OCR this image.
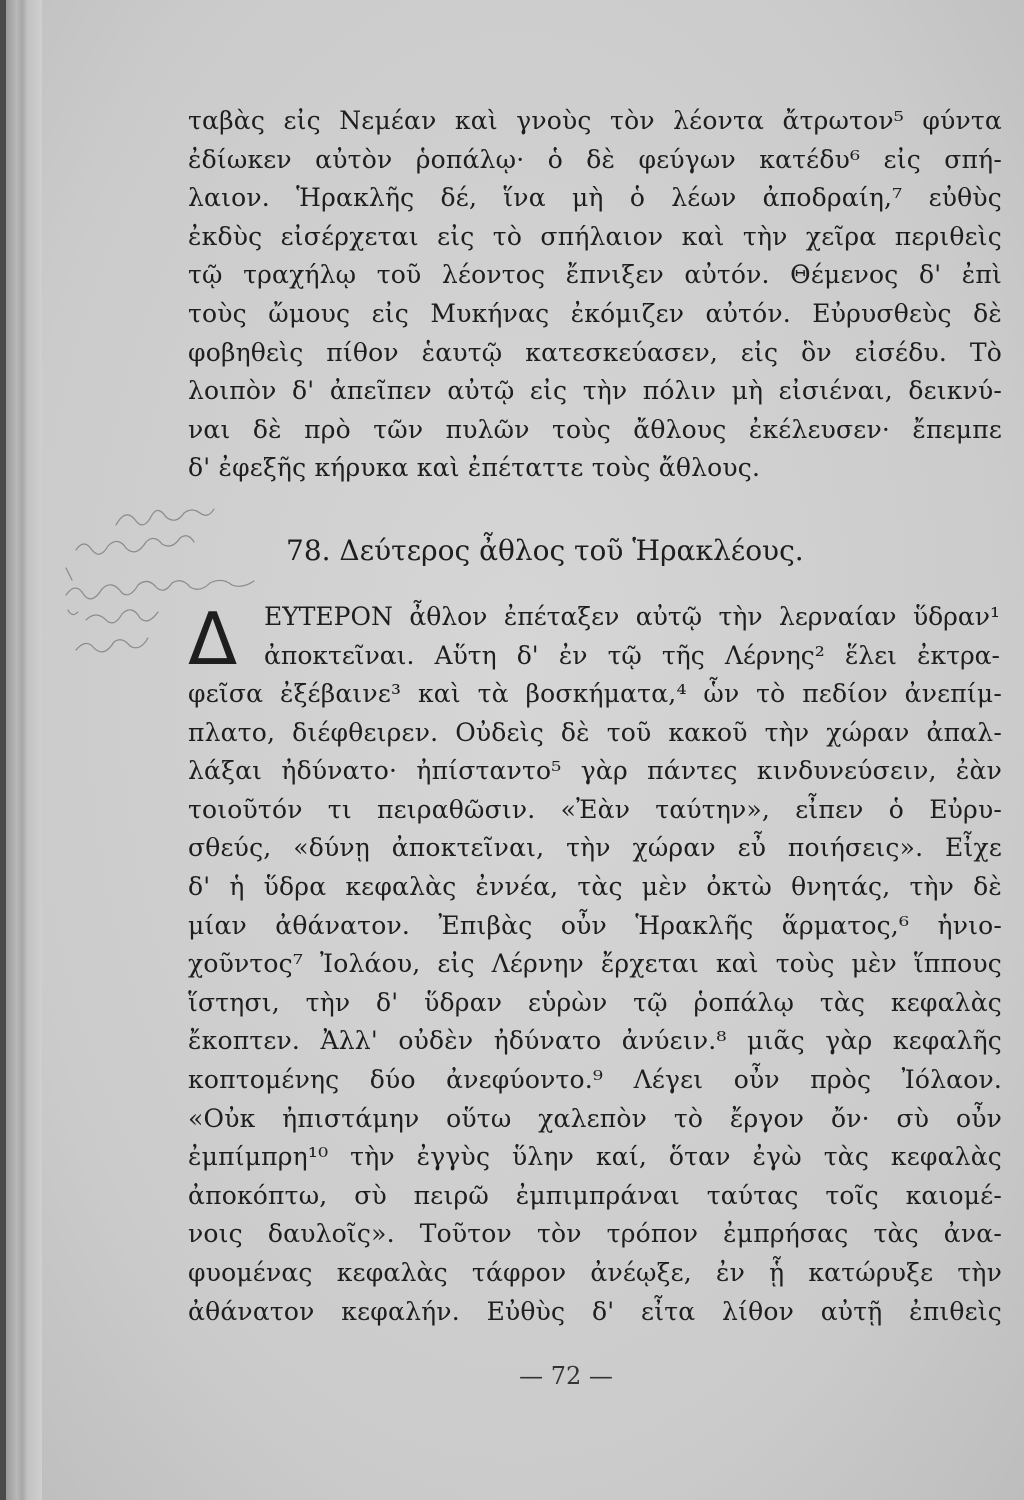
ταβὰς εἰς Νεμέαν καὶ γνοὺς τὸν λέοντα ἄτρωτον⁵ φύντα
ἐδίωκεν αὐτὸν ῥοπάλῳ· ὁ δὲ φεύγων κατέδυ⁶ εἰς σπή-
λαιον. Ἡρακλῆς δέ, ἵνα μὴ ὁ λέων ἀποδραίη,⁷ εὐθὺς
ἐκδὺς εἰσέρχεται εἰς τὸ σπήλαιον καὶ τὴν χεῖρα περιθεὶς
τῷ τραχήλῳ τοῦ λέοντος ἔπνιξεν αὐτόν. Θέμενος δ' ἐπὶ
τοὺς ὤμους εἰς Μυκήνας ἐκόμιζεν αὐτόν. Εὐρυσθεὺς δὲ
φοβηθεὶς πίθον ἑαυτῷ κατεσκεύασεν, εἰς ὃν εἰσέδυ. Τὸ
λοιπὸν δ' ἀπεῖπεν αὐτῷ εἰς τὴν πόλιν μὴ εἰσιέναι, δεικνύ-
ναι δὲ πρὸ τῶν πυλῶν τοὺς ἄθλους ἐκέλευσεν· ἔπεμπε
δ' ἐφεξῆς κήρυκα καὶ ἐπέταττε τοὺς ἄθλους.
78. Δεύτερος ἆθλος τοῦ Ἡρακλέους.
Δ ΕΥΤΕΡΟΝ ἆθλον ἐπέταξεν αὐτῷ τὴν λερναίαν ὕδραν¹
ἀποκτεῖναι. Αὕτη δ' ἐν τῷ τῆς Λέρνης² ἕλει ἐκτρα-
φεῖσα ἐξέβαινε³ καὶ τὰ βοσκήματα,⁴ ὧν τὸ πεδίον ἀνεπίμ-
πλατο, διέφθειρεν. Οὐδεὶς δὲ τοῦ κακοῦ τὴν χώραν ἀπαλ-
λάξαι ἠδύνατο· ἠπίσταντο⁵ γὰρ πάντες κινδυνεύσειν, ἐὰν
τοιοῦτόν τι πειραθῶσιν. «Ἐὰν ταύτην», εἶπεν ὁ Εὐρυ-
σθεύς, «δύνῃ ἀποκτεῖναι, τὴν χώραν εὖ ποιήσεις». Εἶχε
δ' ἡ ὕδρα κεφαλὰς ἐννέα, τὰς μὲν ὀκτὼ θνητάς, τὴν δὲ
μίαν ἀθάνατον. Ἐπιβὰς οὖν Ἡρακλῆς ἅρματος,⁶ ἡνιο-
χοῦντος⁷ Ἰολάου, εἰς Λέρνην ἔρχεται καὶ τοὺς μὲν ἵππους
ἵστησι, τὴν δ' ὕδραν εὑρὼν τῷ ῥοπάλῳ τὰς κεφαλὰς
ἔκοπτεν. Ἀλλ' οὐδὲν ἠδύνατο ἀνύειν.⁸ μιᾶς γὰρ κεφαλῆς
κοπτομένης δύο ἀνεφύοντο.⁹ Λέγει οὖν πρὸς Ἰόλαον.
«Οὐκ ἠπιστάμην οὕτω χαλεπὸν τὸ ἔργον ὄν· σὺ οὖν
ἐμπίμπρη¹⁰ τὴν ἐγγὺς ὕλην καί, ὅταν ἐγὼ τὰς κεφαλὰς
ἀποκόπτω, σὺ πειρῶ ἐμπιμπράναι ταύτας τοῖς καιομέ-
νοις δαυλοῖς». Τοῦτον τὸν τρόπον ἐμπρήσας τὰς ἀνα-
φυομένας κεφαλὰς τάφρον ἀνέῳξε, ἐν ᾗ κατώρυξε τὴν
ἀθάνατον κεφαλήν. Εὐθὺς δ' εἶτα λίθον αὐτῇ ἐπιθεὶς
— 72 —
